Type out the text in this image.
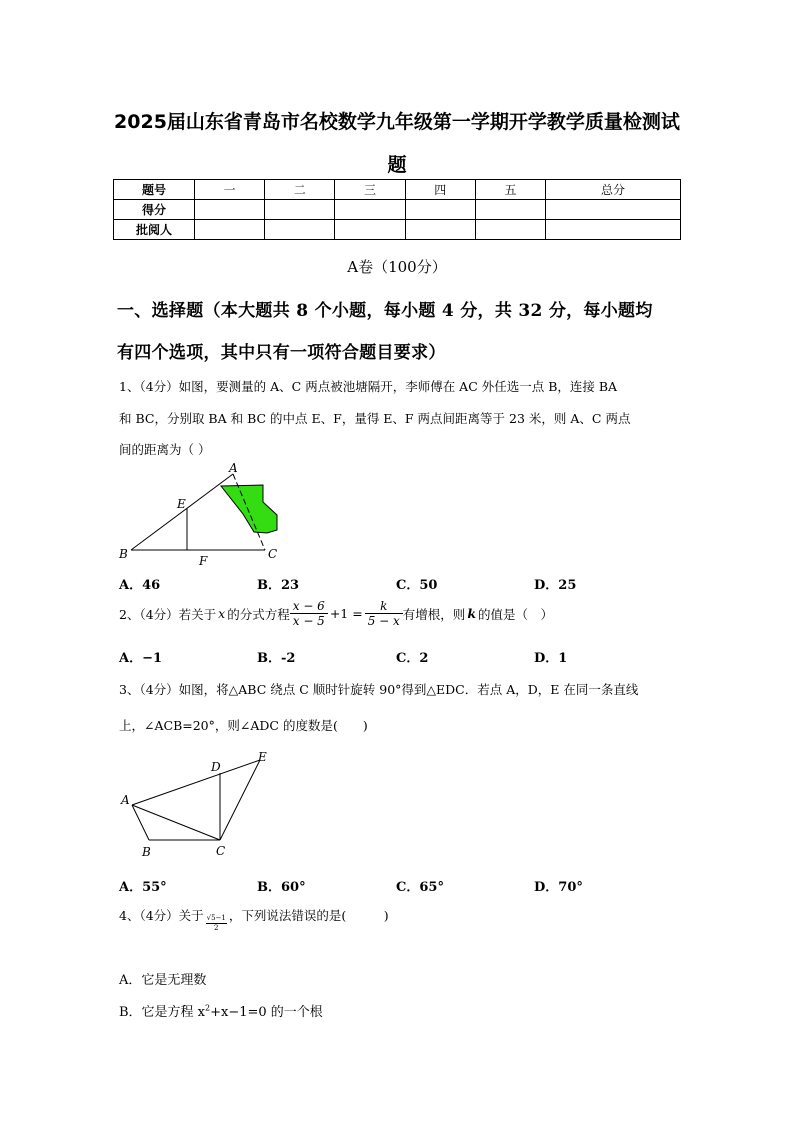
2025届山东省青岛市名校数学九年级第一学期开学教学质量检测试
题
题号	一	二	三	四	五	总分
得分						
批阅人						
A卷（100分）
一、选择题（本大题共 8 个小题，每小题 4 分，共 32 分，每小题均
有四个选项，其中只有一项符合题目要求）
1、（4分）如图，要测量的 A、C 两点被池塘隔开，李师傅在 AC 外任选一点 B，连接 BA
和 BC，分别取 BA 和 BC 的中点 E、F，量得 E、F 两点间距离等于 23 米，则 A、C 两点
间的距离为（ ）
A
E
B	F	C
A．46	B．23	C．50	D．25
2、（4分）若关于 x 的分式方程 $\frac{x - 6}{x - 5} +1 = \frac{k}{5 - x}$ 有增根，则 k 的值是（　）
A．−1	B．-2	C．2	D．1
3、（4分）如图，将△ABC 绕点 C 顺时针旋转 90°得到△EDC．若点 A，D，E 在同一条直线
上，∠ACB=20°，则∠ADC 的度数是(　　)
A
B	C
D
E
A．55°	B．60°	C．65°	D．70°
4、（4分）关于 $\frac{√5-1}{2}$ ，下列说法错误的是(　　　)
A．它是无理数
B．它是方程 $x^2+x-1=0$ 的一个根
